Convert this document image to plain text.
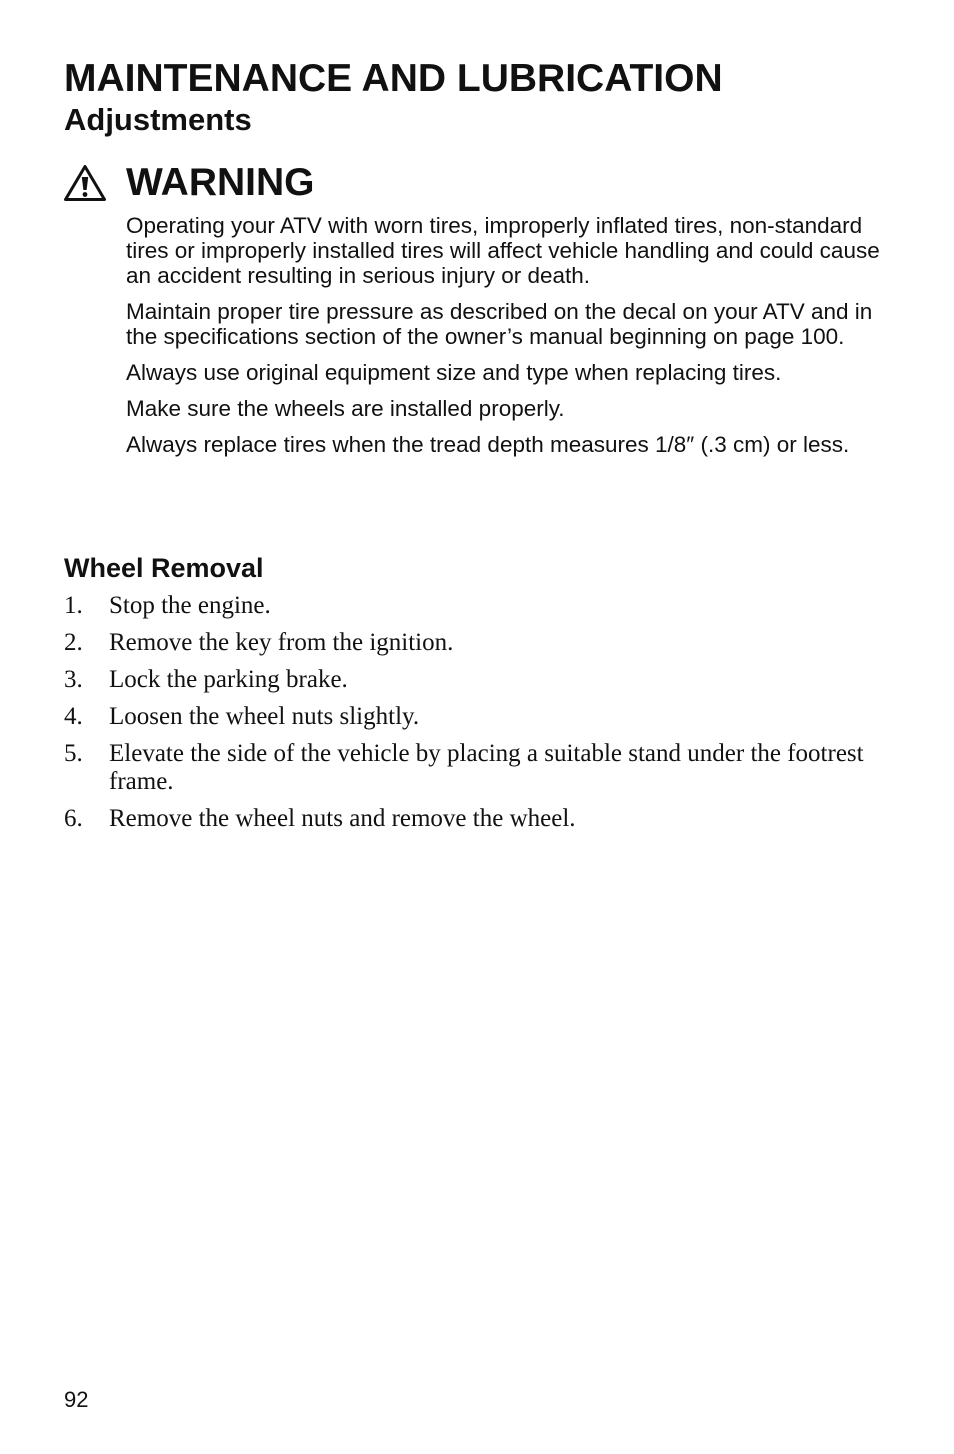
MAINTENANCE AND LUBRICATION
Adjustments
WARNING

Operating your ATV with worn tires, improperly inflated tires, non-standard tires or improperly installed tires will affect vehicle handling and could cause an accident resulting in serious injury or death.

Maintain proper tire pressure as described on the decal on your ATV and in the specifications section of the owner’s manual beginning on page 100.

Always use original equipment size and type when replacing tires.

Make sure the wheels are installed properly.

Always replace tires when the tread depth measures 1/8″ (.3 cm) or less.

Wheel Removal
1.	Stop the engine.
2.	Remove the key from the ignition.
3.	Lock the parking brake.
4.	Loosen the wheel nuts slightly.
5.	Elevate the side of the vehicle by placing a suitable stand under the footrest frame.
6.	Remove the wheel nuts and remove the wheel.
92
